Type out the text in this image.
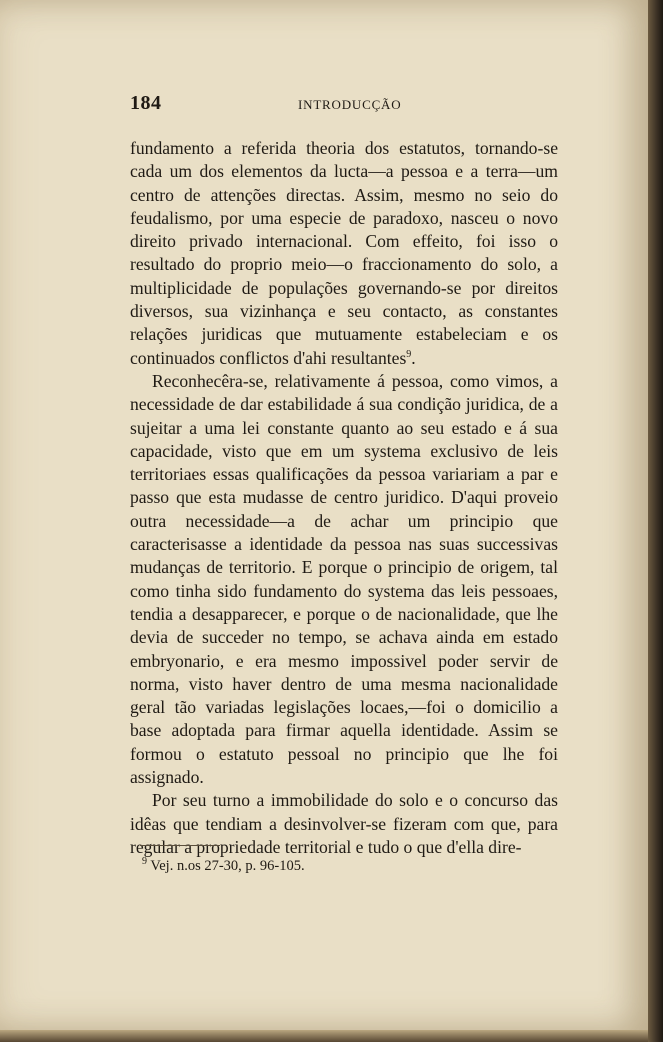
184	INTRODUCÇÃO

fundamento a referida theoria dos estatutos, tornando-se cada um dos elementos da lucta—a pessoa e a terra—um centro de attenções directas. Assim, mesmo no seio do feudalismo, por uma especie de paradoxo, nasceu o novo direito privado internacional. Com effeito, foi isso o resultado do proprio meio—o fraccionamento do solo, a multiplicidade de populações governando-se por direitos diversos, sua vizinhança e seu contacto, as constantes relações juridicas que mutuamente estabeleciam e os continuados conflictos d'ahi resultantes$^9$.

Reconhecêra-se, relativamente á pessoa, como vimos, a necessidade de dar estabilidade á sua condição juridica, de a sujeitar a uma lei constante quanto ao seu estado e á sua capacidade, visto que em um systema exclusivo de leis territoriaes essas qualificações da pessoa variariam a par e passo que esta mudasse de centro juridico. D'aqui proveio outra necessidade—a de achar um principio que caracterisasse a identidade da pessoa nas suas successivas mudanças de territorio. E porque o principio de origem, tal como tinha sido fundamento do systema das leis pessoaes, tendia a desapparecer, e porque o de nacionalidade, que lhe devia de succeder no tempo, se achava ainda em estado embryonario, e era mesmo impossivel poder servir de norma, visto haver dentro de uma mesma nacionalidade geral tão variadas legislações locaes,—foi o domicilio a base adoptada para firmar aquella identidade. Assim se formou o estatuto pessoal no principio que lhe foi assignado.

Por seu turno a immobilidade do solo e o concurso das idêas que tendiam a desinvolver-se fizeram com que, para regular a propriedade territorial e tudo o que d'ella dire-

$^9$ Vej. n.os 27-30, p. 96-105.
